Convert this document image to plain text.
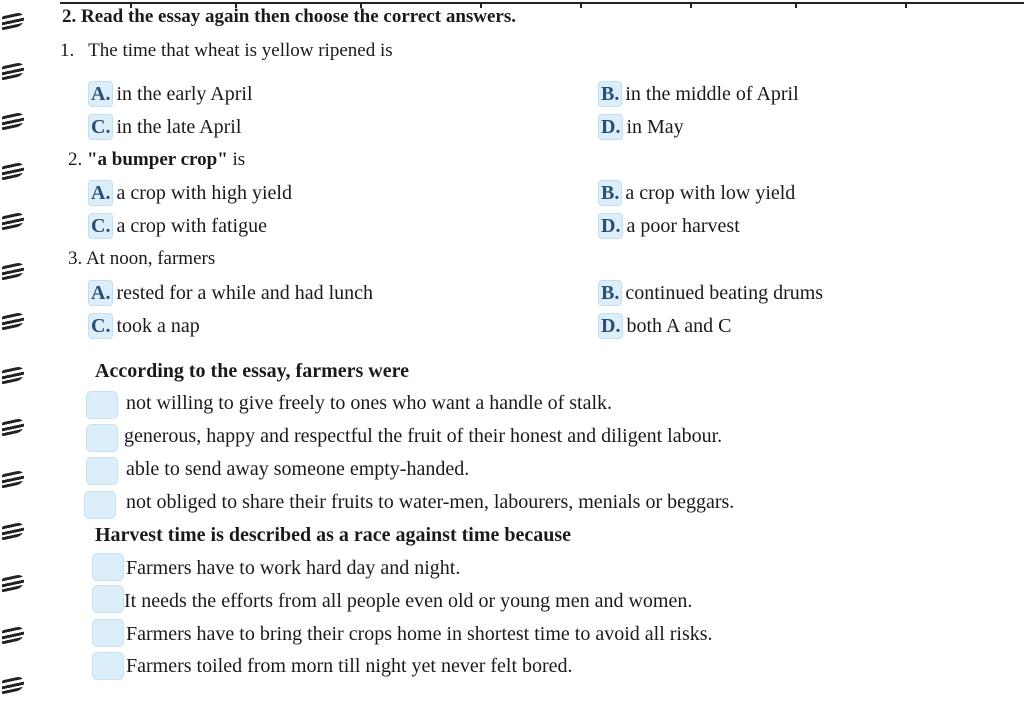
2. Read the essay again then choose the correct answers.
1. The time that wheat is yellow ripened is
A. in the early April	B. in the middle of April
C. in the late April	D. in May
2. "a bumper crop" is
A. a crop with high yield	B. a crop with low yield
C. a crop with fatigue	D. a poor harvest
3. At noon, farmers
A. rested for a while and had lunch	B. continued beating drums
C. took a nap	D. both A and C
According to the essay, farmers were
not willing to give freely to ones who want a handle of stalk.
generous, happy and respectful the fruit of their honest and diligent labour.
able to send away someone empty-handed.
not obliged to share their fruits to water-men, labourers, menials or beggars.
Harvest time is described as a race against time because
Farmers have to work hard day and night.
It needs the efforts from all people even old or young men and women.
Farmers have to bring their crops home in shortest time to avoid all risks.
Farmers toiled from morn till night yet never felt bored.
